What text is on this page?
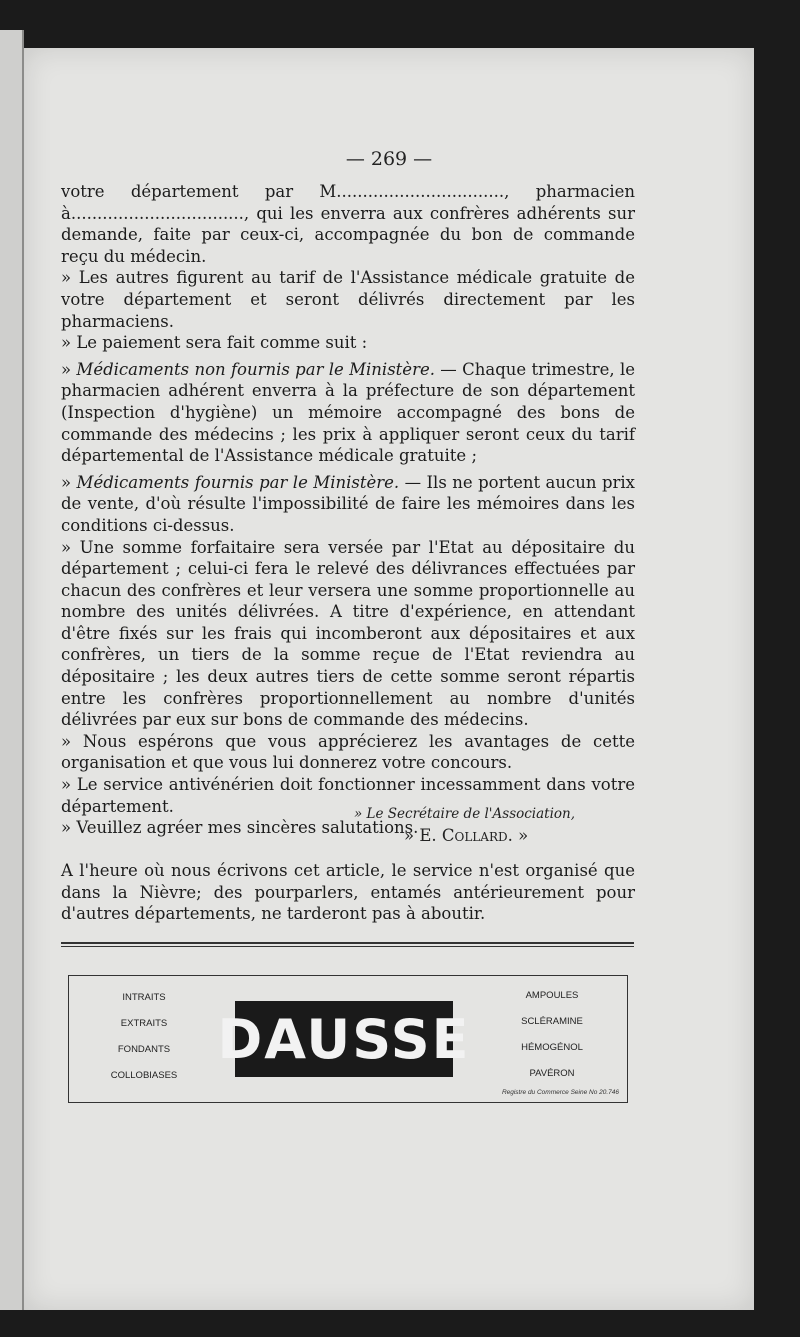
— 269 —

votre département par M................................, pharmacien à................................., qui les enverra aux confrères adhérents sur demande, faite par ceux-ci, accompagnée du bon de commande reçu du médecin.

» Les autres figurent au tarif de l'Assistance médicale gratuite de votre département et seront délivrés directement par les pharmaciens.

» Le paiement sera fait comme suit :

» Médicaments non fournis par le Ministère. — Chaque trimestre, le pharmacien adhérent enverra à la préfecture de son département (Inspection d'hygiène) un mémoire accompagné des bons de commande des médecins ; les prix à appliquer seront ceux du tarif départemental de l'Assistance médicale gratuite ;

» Médicaments fournis par le Ministère. — Ils ne portent aucun prix de vente, d'où résulte l'impossibilité de faire les mémoires dans les conditions ci-dessus.

» Une somme forfaitaire sera versée par l'Etat au dépositaire du département ; celui-ci fera le relevé des délivrances effectuées par chacun des confrères et leur versera une somme proportionnelle au nombre des unités délivrées. A titre d'expérience, en attendant d'être fixés sur les frais qui incomberont aux dépositaires et aux confrères, un tiers de la somme reçue de l'Etat reviendra au dépositaire ; les deux autres tiers de cette somme seront répartis entre les confrères proportionnellement au nombre d'unités délivrées par eux sur bons de commande des médecins.

» Nous espérons que vous apprécierez les avantages de cette organisation et que vous lui donnerez votre concours.

» Le service antivénérien doit fonctionner incessamment dans votre département.

» Veuillez agréer mes sincères salutations.

» Le Secrétaire de l'Association,
» E. Collard. »

A l'heure où nous écrivons cet article, le service n'est organisé que dans la Nièvre; des pourparlers, entamés antérieurement pour d'autres départements, ne tarderont pas à aboutir.

INTRAITS
EXTRAITS
FONDANTS
COLLOBIASES
DAUSSE
AMPOULES
SCLÉRAMINE
HÉMOGÉNOL
PAVÉRON
Registre du Commerce Seine No 20.746
